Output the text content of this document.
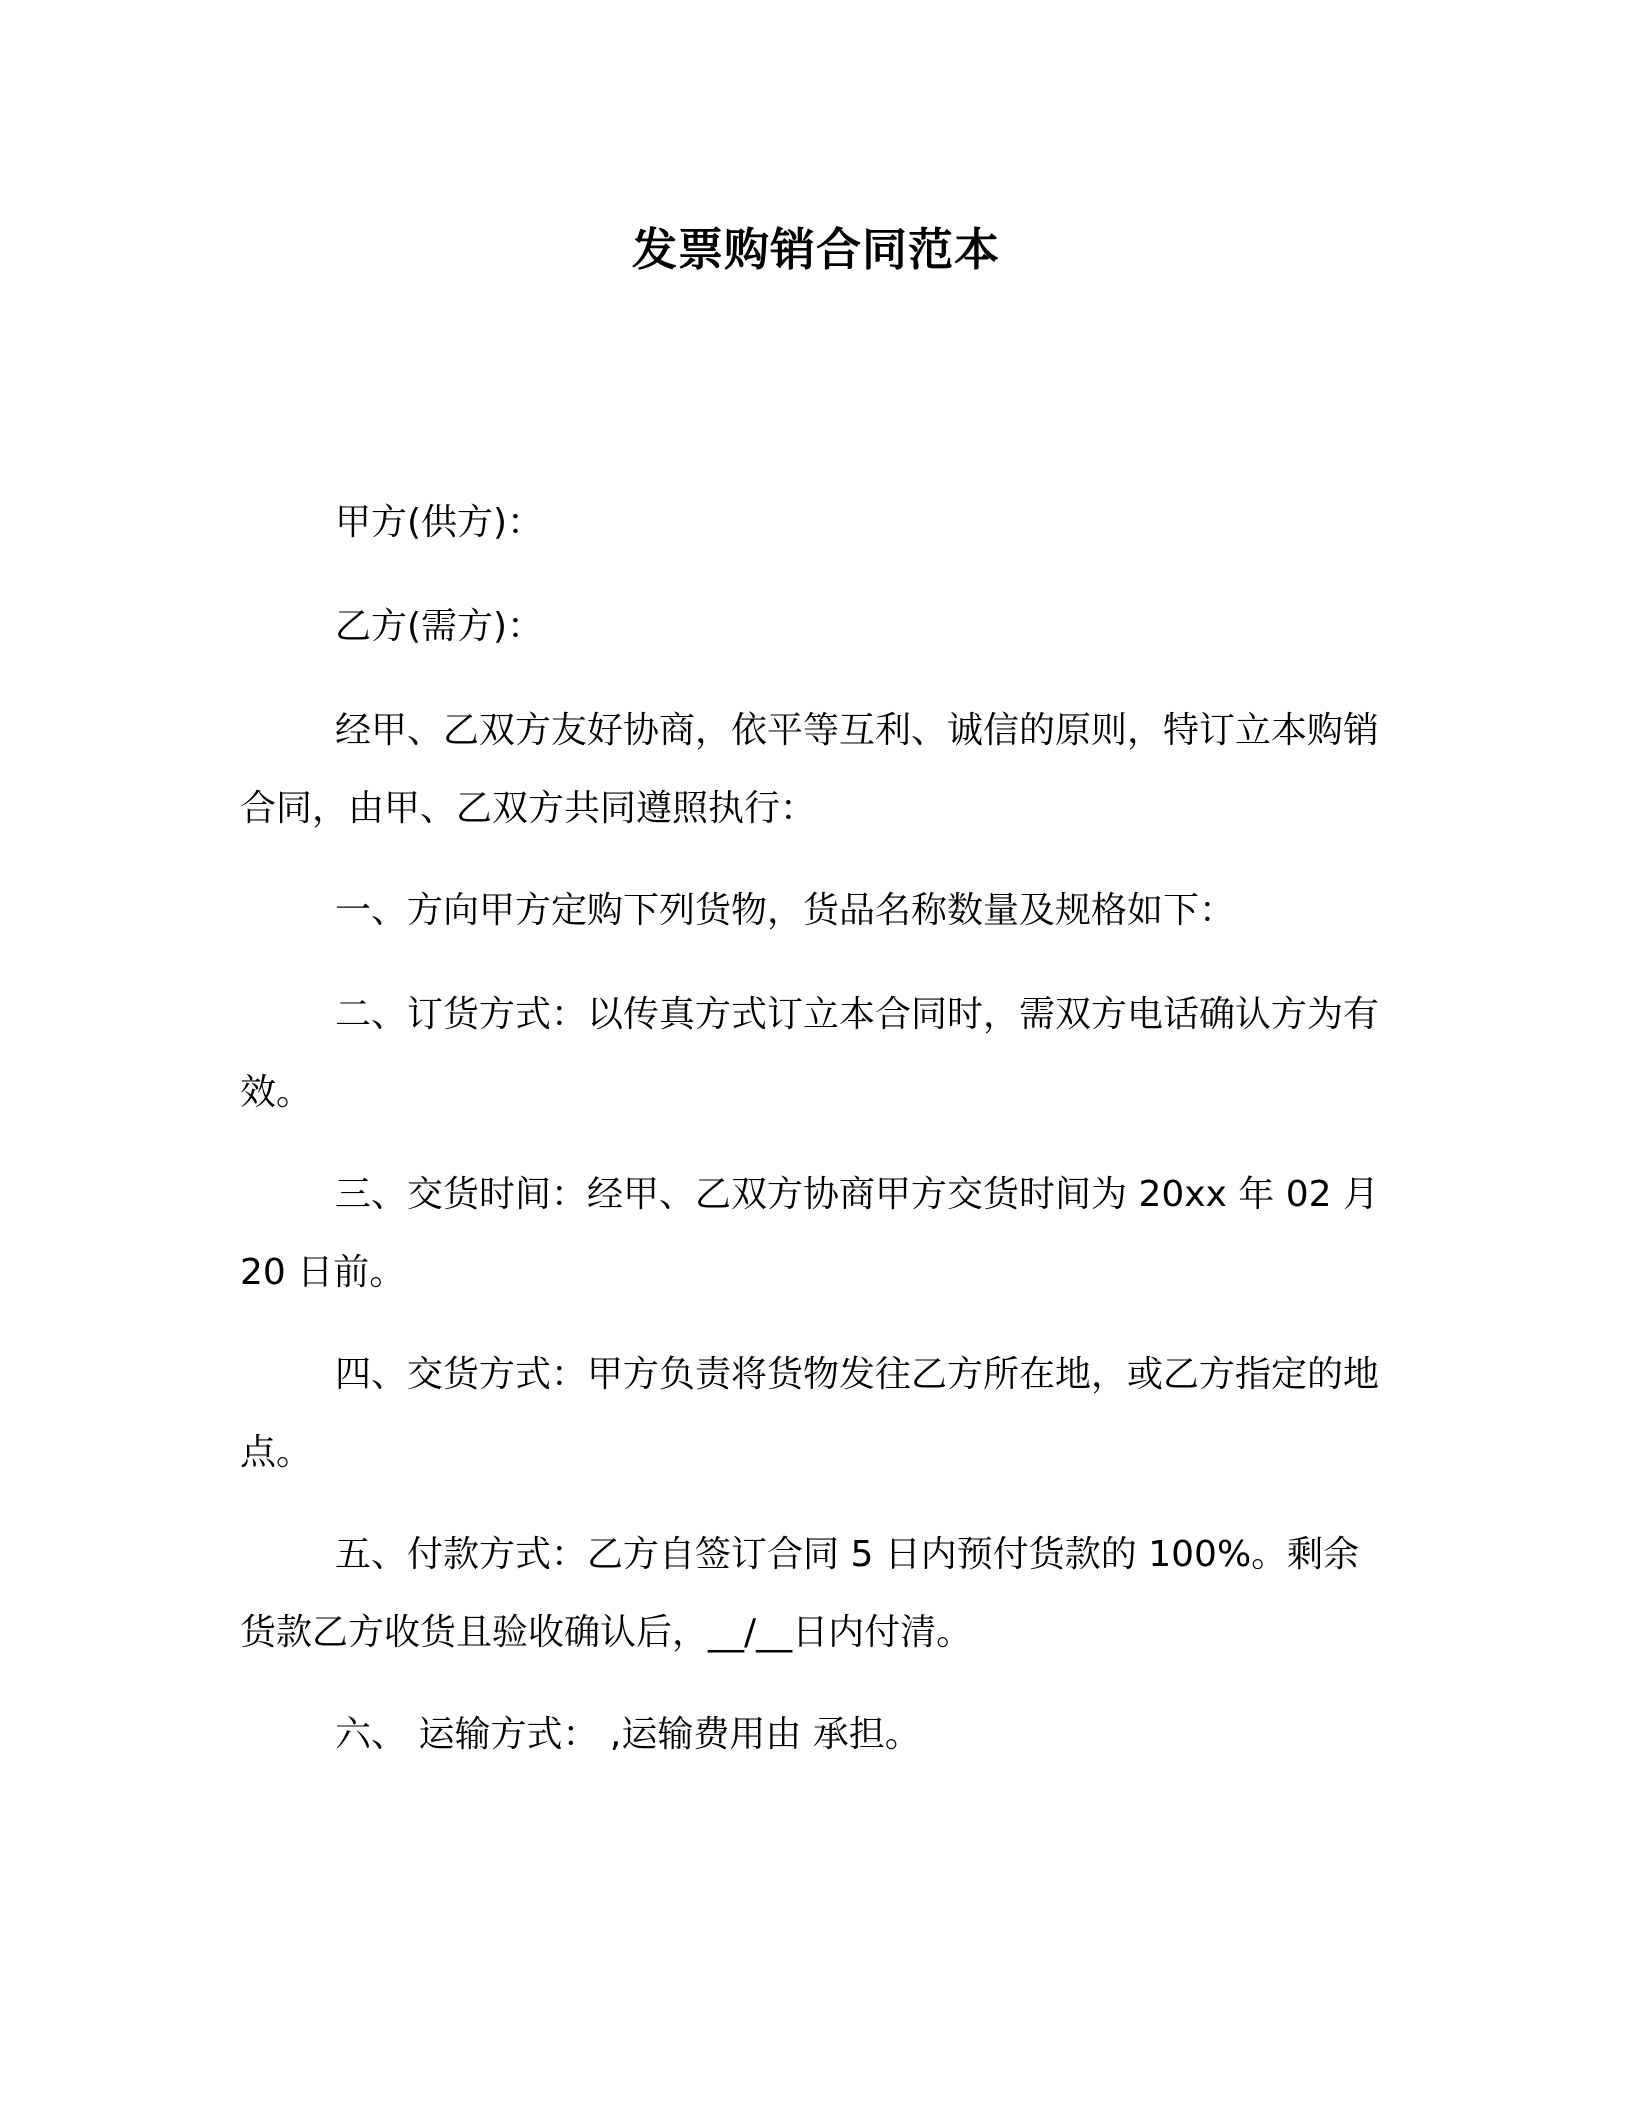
发票购销合同范本
甲方(供方)：
乙方(需方)：
经甲、乙双方友好协商，依平等互利、诚信的原则，特订立本购销合同，由甲、乙双方共同遵照执行：
一、方向甲方定购下列货物，货品名称数量及规格如下：
二、订货方式：以传真方式订立本合同时，需双方电话确认方为有效。
三、交货时间：经甲、乙双方协商甲方交货时间为 20xx 年 02 月 20 日前。
四、交货方式：甲方负责将货物发往乙方所在地，或乙方指定的地点。
五、付款方式：乙方自签订合同 5 日内预付货款的 100%。剩余货款乙方收货且验收确认后，__/__日内付清。
六、 运输方式： ,运输费用由 承担。
